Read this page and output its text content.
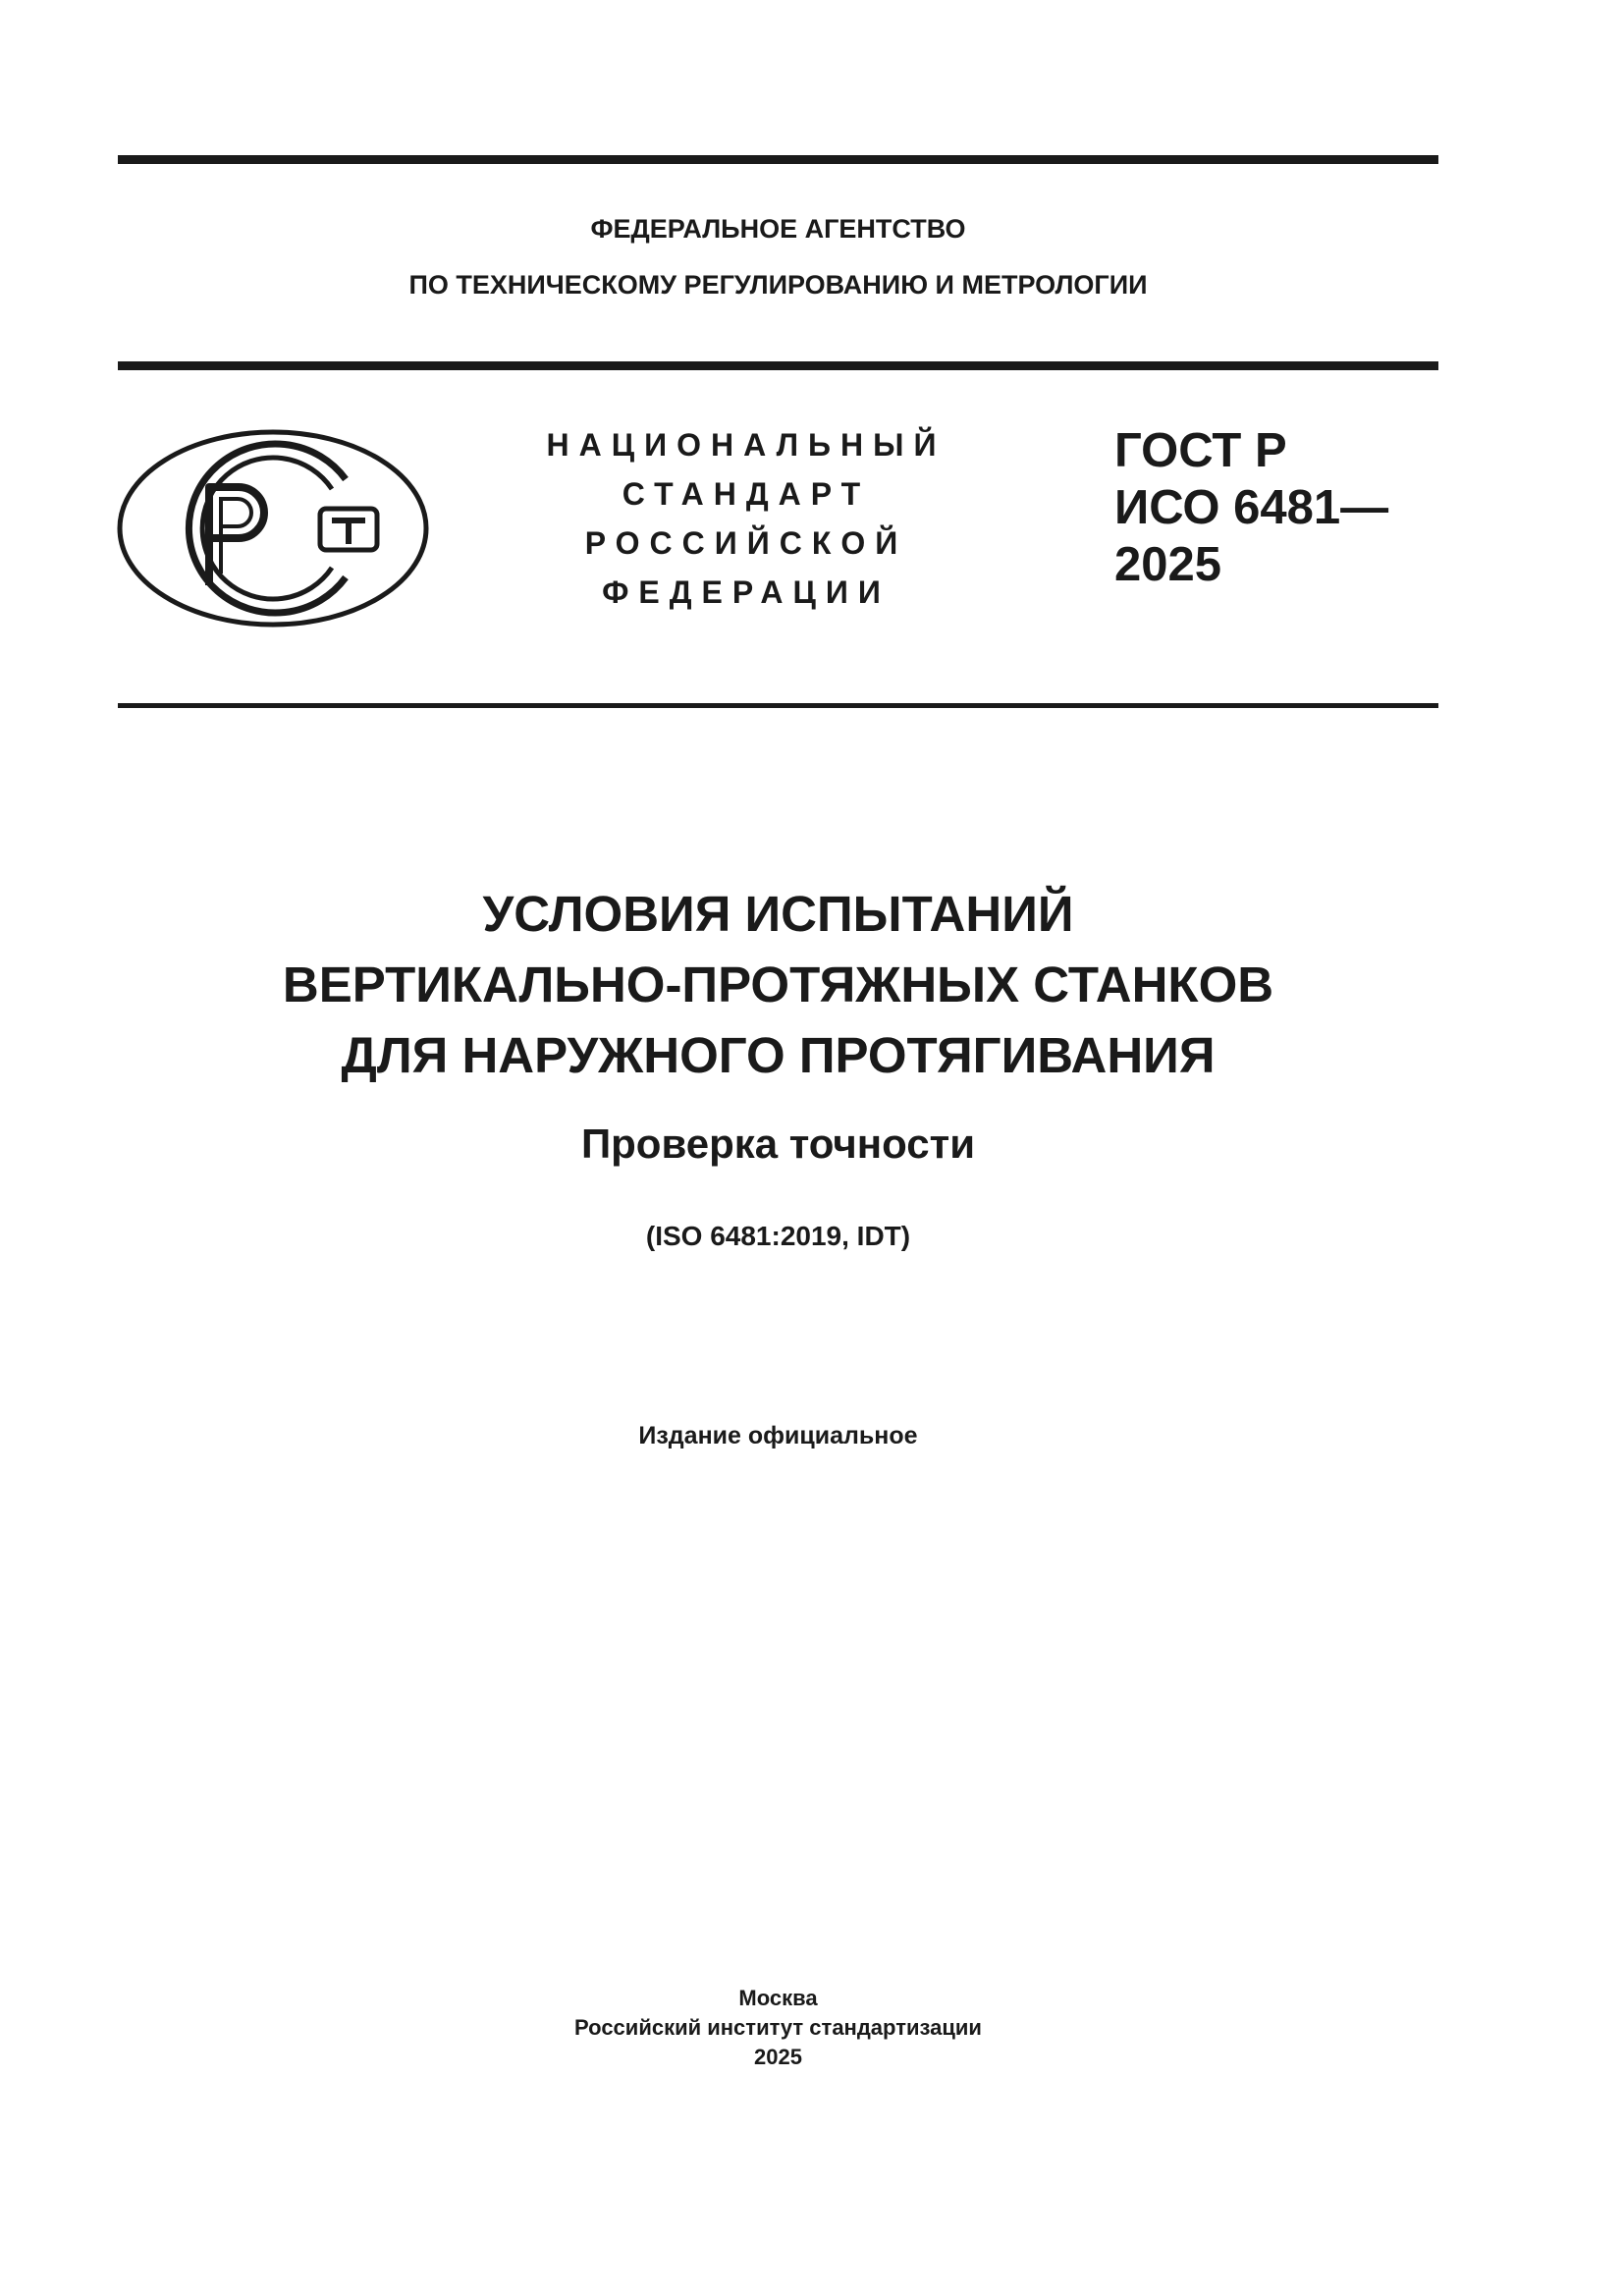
ФЕДЕРАЛЬНОЕ АГЕНТСТВО
ПО ТЕХНИЧЕСКОМУ РЕГУЛИРОВАНИЮ И МЕТРОЛОГИИ
НАЦИОНАЛЬНЫЙ
СТАНДАРТ
РОССИЙСКОЙ
ФЕДЕРАЦИИ
ГОСТ Р
ИСО 6481—
2025
УСЛОВИЯ ИСПЫТАНИЙ
ВЕРТИКАЛЬНО-ПРОТЯЖНЫХ СТАНКОВ
ДЛЯ НАРУЖНОГО ПРОТЯГИВАНИЯ
Проверка точности
(ISO 6481:2019, IDT)
Издание официальное
Москва
Российский институт стандартизации
2025
